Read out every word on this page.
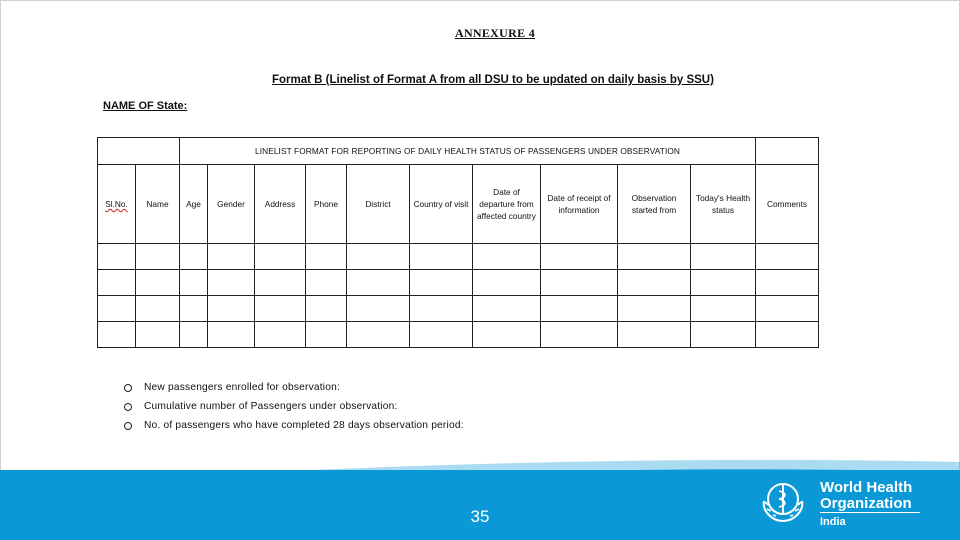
ANNEXURE 4
Format B (Linelist of Format A from all DSU to be updated on daily basis by SSU)
NAME OF State:
		LINELIST FORMAT FOR REPORTING OF DAILY HEALTH STATUS OF PASSENGERS UNDER OBSERVATION										
Sl.No.	Name	Age	Gender	Address	Phone	District	Country of visit	Date of departure from affected country	Date of receipt of information	Observation started from	Today's Health status	Comments

New passengers enrolled for observation:
Cumulative number of Passengers under observation:
No. of passengers who have completed 28 days observation period:
35
World Health
Organization
India
